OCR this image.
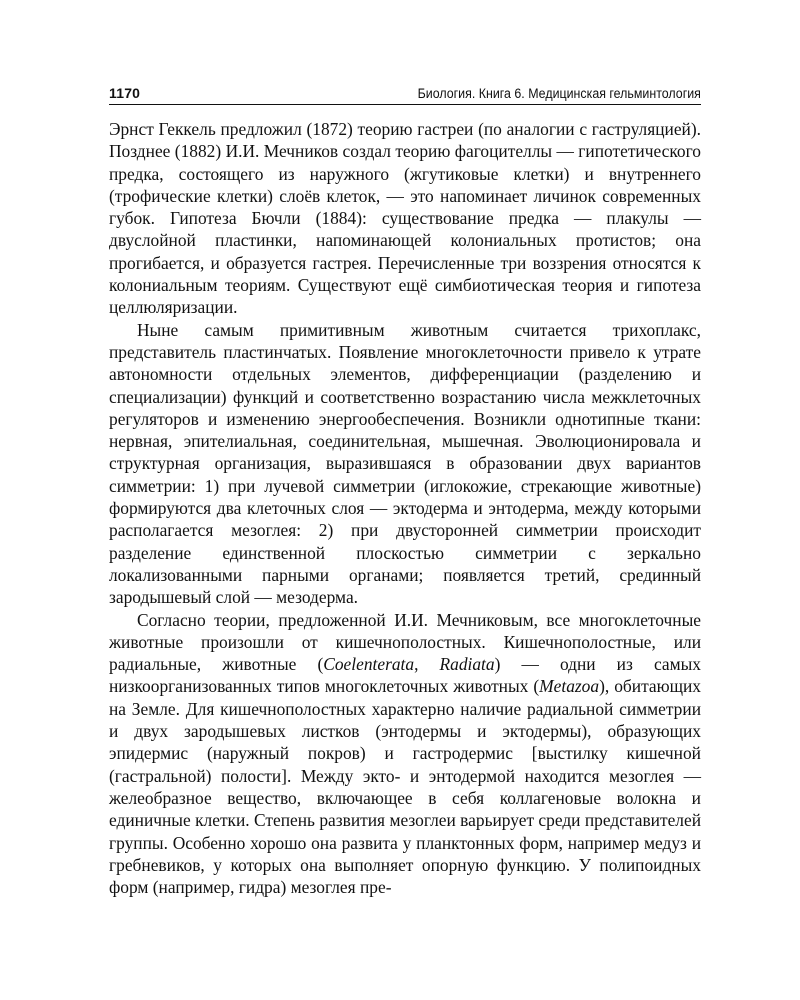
1170	Биология. Книга 6. Медицинская гельминтология

Эрнст Геккель предложил (1872) теорию гастреи (по аналогии с гаструляцией). Позднее (1882) И.И. Мечников создал теорию фагоцителлы — гипотетического предка, состоящего из наружного (жгутиковые клетки) и внутреннего (трофические клетки) слоёв клеток, — это напоминает личинок современных губок. Гипотеза Бючли (1884): существование предка — плакулы — двуслойной пластинки, напоминающей колониальных протистов; она прогибается, и образуется гастрея. Перечисленные три воззрения относятся к колониальным теориям. Существуют ещё симбиотическая теория и гипотеза целлюляризации.

Ныне самым примитивным животным считается трихоплакс, представитель пластинчатых. Появление многоклеточности привело к утрате автономности отдельных элементов, дифференциации (разделению и специализации) функций и соответственно возрастанию числа межклеточных регуляторов и изменению энергообеспечения. Возникли однотипные ткани: нервная, эпителиальная, соединительная, мышечная. Эволюционировала и структурная организация, выразившаяся в образовании двух вариантов симметрии: 1) при лучевой симметрии (иглокожие, стрекающие животные) формируются два клеточных слоя — эктодерма и энтодерма, между которыми располагается мезоглея: 2) при двусторонней симметрии происходит разделение единственной плоскостью симметрии с зеркально локализованными парными органами; появляется третий, срединный зародышевый слой — мезодерма.

Согласно теории, предложенной И.И. Мечниковым, все многоклеточные животные произошли от кишечнополостных. Кишечнополостные, или радиальные, животные (Coelenterata, Radiata) — одни из самых низкоорганизованных типов многоклеточных животных (Metazoa), обитающих на Земле. Для кишечнополостных характерно наличие радиальной симметрии и двух зародышевых листков (энтодермы и эктодермы), образующих эпидермис (наружный покров) и гастродермис [выстилку кишечной (гастральной) полости]. Между экто- и энтодермой находится мезоглея — желеобразное вещество, включающее в себя коллагеновые волокна и единичные клетки. Степень развития мезоглеи варьирует среди представителей группы. Особенно хорошо она развита у планктонных форм, например медуз и гребневиков, у которых она выполняет опорную функцию. У полипоидных форм (например, гидра) мезоглея пре-
